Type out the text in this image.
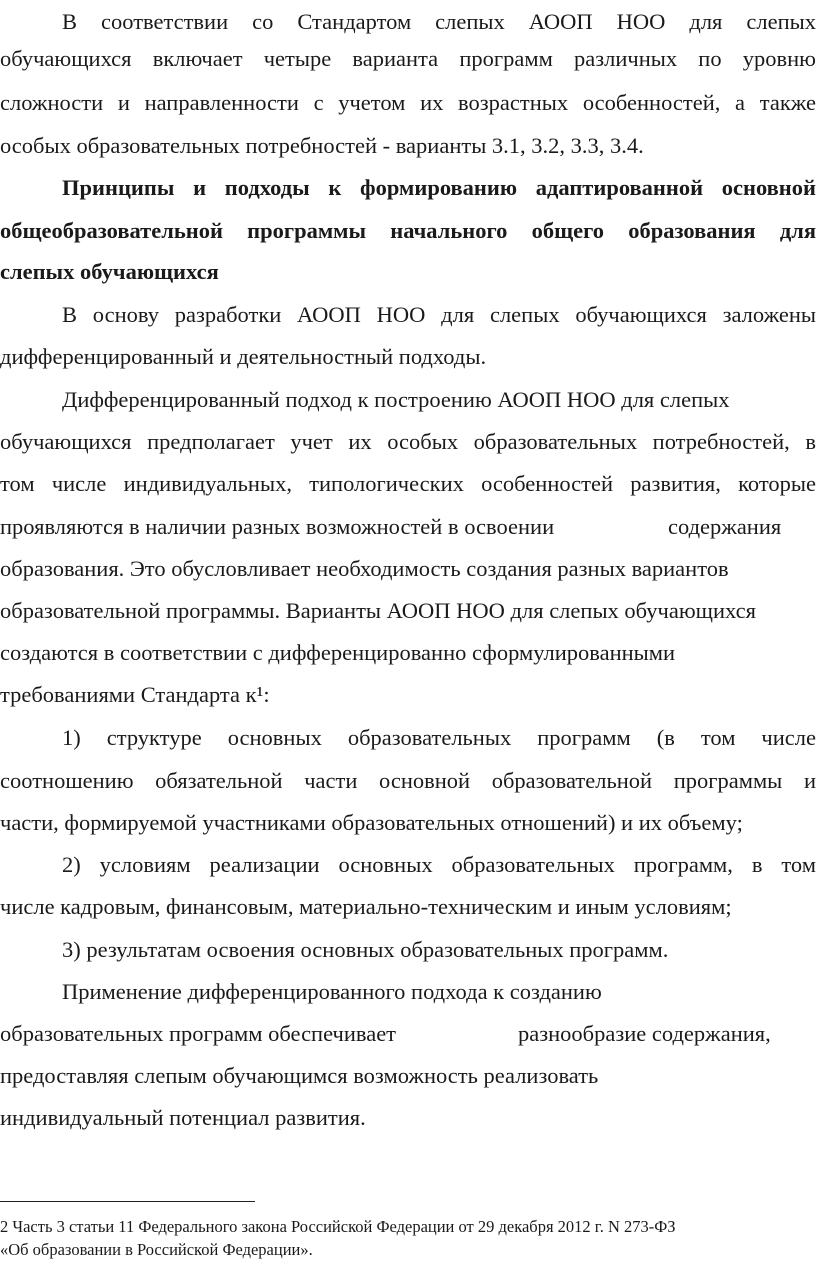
В соответствии со Стандартом слепых АООП НОО для слепых
обучающихся включает четыре варианта программ различных по уровню
сложности и направленности с учетом их возрастных особенностей, а также
особых образовательных потребностей - варианты 3.1, 3.2, 3.3, 3.4.
Принципы и подходы к формированию адаптированной основной
общеобразовательной программы начального общего образования для
слепых обучающихся
В основу разработки АООП НОО для слепых обучающихся заложены
дифференцированный и деятельностный подходы.
Дифференцированный подход к построению АООП НОО для слепых
обучающихся предполагает учет их особых образовательных потребностей, в
том числе индивидуальных, типологических особенностей развития, которые
проявляются в наличии разных возможностей в освоении	содержания
образования. Это обусловливает необходимость создания разных вариантов
образовательной программы. Варианты АООП НОО для слепых обучающихся
создаются в соответствии с дифференцированно сформулированными
требованиями Стандарта к¹:
1) структуре основных образовательных программ (в том числе
соотношению обязательной части основной образовательной программы и
части, формируемой участниками образовательных отношений) и их объему;
2) условиям реализации основных образовательных программ, в том
числе кадровым, финансовым, материально-техническим и иным условиям;
3) результатам освоения основных образовательных программ.
Применение дифференцированного подхода к созданию
образовательных программ обеспечивает	разнообразие содержания,
предоставляя слепым обучающимся возможность реализовать
индивидуальный потенциал развития.
2 Часть 3 статьи 11 Федерального закона Российской Федерации от 29 декабря 2012 г. N 273-ФЗ
«Об образовании в Российской Федерации».
